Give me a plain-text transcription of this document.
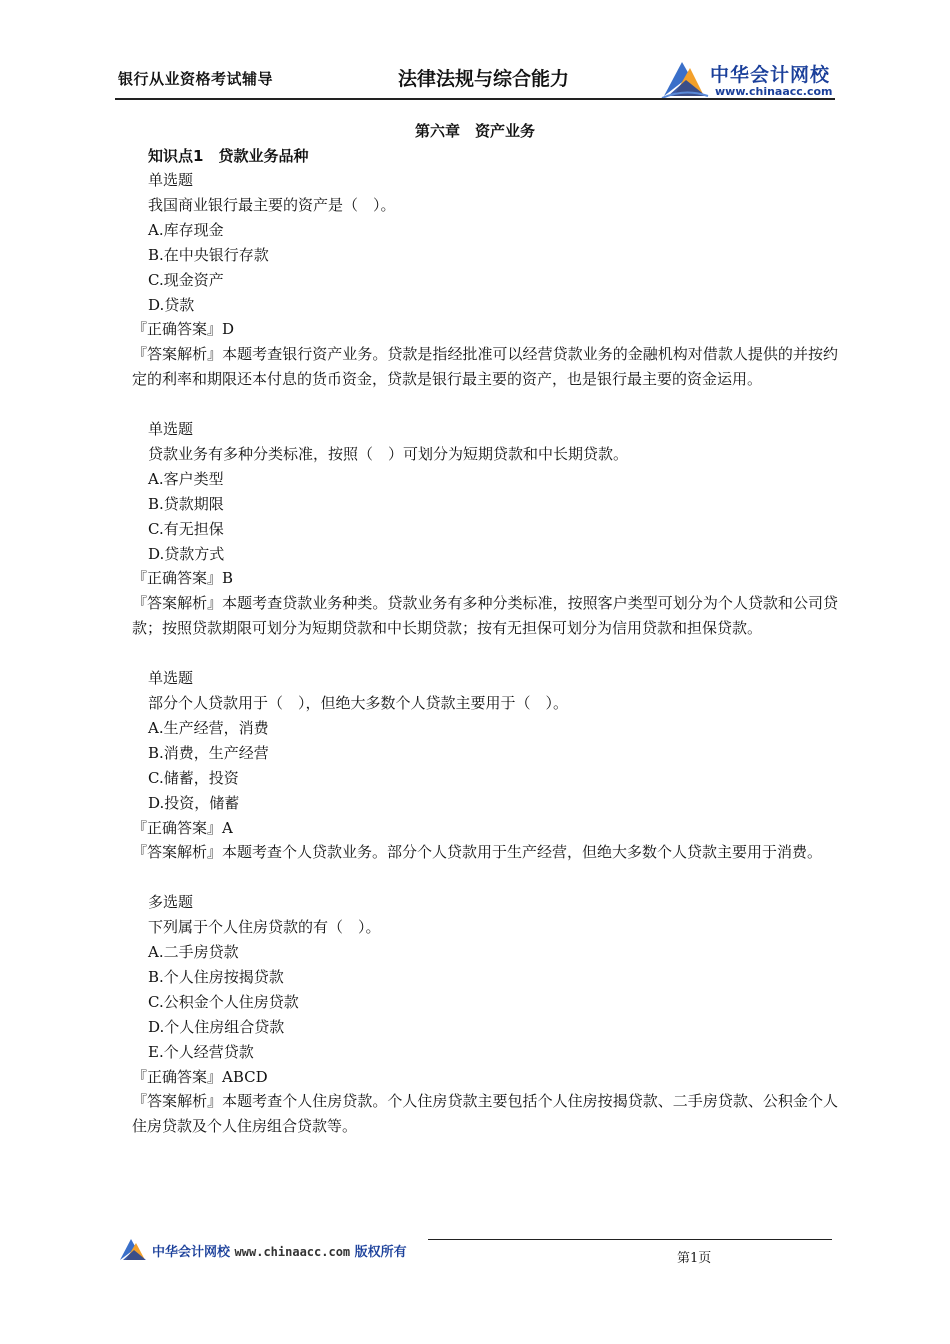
银行从业资格考试辅导	法律法规与综合能力	中华会计网校
www.chinaacc.com
第六章　资产业务
知识点1　贷款业务品种
单选题
我国商业银行最主要的资产是（　）。
A.库存现金
B.在中央银行存款
C.现金资产
D.贷款
『正确答案』D
『答案解析』本题考查银行资产业务。贷款是指经批准可以经营贷款业务的金融机构对借款人提供的并按约定的利率和期限还本付息的货币资金，贷款是银行最主要的资产，也是银行最主要的资金运用。
单选题
贷款业务有多种分类标准，按照（　）可划分为短期贷款和中长期贷款。
A.客户类型
B.贷款期限
C.有无担保
D.贷款方式
『正确答案』B
『答案解析』本题考查贷款业务种类。贷款业务有多种分类标准，按照客户类型可划分为个人贷款和公司贷款；按照贷款期限可划分为短期贷款和中长期贷款；按有无担保可划分为信用贷款和担保贷款。
单选题
部分个人贷款用于（　），但绝大多数个人贷款主要用于（　）。
A.生产经营，消费
B.消费，生产经营
C.储蓄，投资
D.投资，储蓄
『正确答案』A
『答案解析』本题考查个人贷款业务。部分个人贷款用于生产经营，但绝大多数个人贷款主要用于消费。
多选题
下列属于个人住房贷款的有（　）。
A.二手房贷款
B.个人住房按揭贷款
C.公积金个人住房贷款
D.个人住房组合贷款
E.个人经营贷款
『正确答案』ABCD
『答案解析』本题考查个人住房贷款。个人住房贷款主要包括个人住房按揭贷款、二手房贷款、公积金个人住房贷款及个人住房组合贷款等。
中华会计网校 www.chinaacc.com 版权所有	第1页
